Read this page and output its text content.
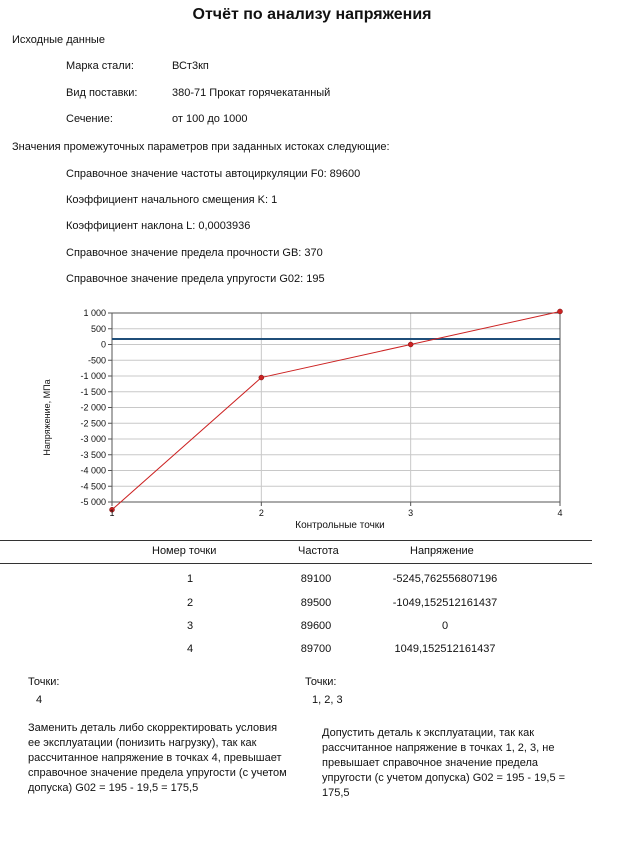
Отчёт по анализу напряжения
Исходные данные
Марка стали:	ВСт3кп
Вид поставки:	380-71 Прокат горячекатанный
Сечение:	от 100 до 1000
Значения промежуточных параметров при заданных истоках следующие:
Справочное значение частоты автоциркуляции F0: 89600
Коэффициент начального смещения K: 1
Коэффициент наклона L: 0,0003936
Справочное значение предела прочности GB: 370
Справочное значение предела упругости G02: 195
1 000
500
0
-500
-1 000
-1 500
-2 000
-2 500
-3 000
-3 500
-4 000
-4 500
-5 000
1	2	3	4
Напряжение, МПа
Контрольные точки
Номер точки	Частота	Напряжение
1	89100	-5245,762556807196
2	89500	-1049,152512161437
3	89600	0
4	89700	1049,152512161437
Точки:
4
Заменить деталь либо скорректировать условия ее эксплуатации (понизить нагрузку), так как рассчитанное напряжение в точках 4, превышает справочное значение предела упругости (с учетом допуска) G02 = 195 - 19,5 = 175,5
Точки:
1, 2, 3
Допустить деталь к эксплуатации, так как рассчитанное напряжение в точках 1, 2, 3, не превышает справочное значение предела упругости (с учетом допуска) G02 = 195 - 19,5 = 175,5
